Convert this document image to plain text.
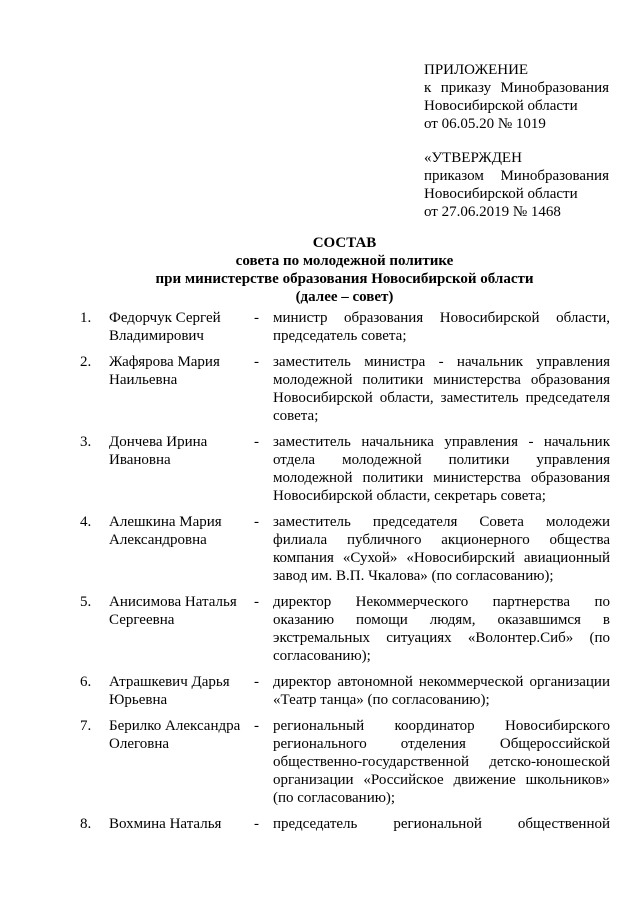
ПРИЛОЖЕНИЕ
к приказу Минобразования
Новосибирской области
от 06.05.20 № 1019
«УТВЕРЖДЕН
приказом Минобразования
Новосибирской области
от 27.06.2019 № 1468
СОСТАВ
совета по молодежной политике
при министерстве образования Новосибирской области
(далее – совет)
1.	Федорчук Сергей
Владимирович
- министр образования Новосибирской области,
председатель совета;
2.	Жафярова Мария
Наильевна
- заместитель министра - начальник управления
молодежной политики министерства образования
Новосибирской области, заместитель председателя
совета;
3.	Дончева Ирина
Ивановна
- заместитель начальника управления - начальник
отдела молодежной политики управления
молодежной политики министерства образования
Новосибирской области, секретарь совета;
4.	Алешкина Мария
Александровна
- заместитель председателя Совета молодежи
филиала публичного акционерного общества
компания «Сухой» «Новосибирский авиационный
завод им. В.П. Чкалова» (по согласованию);
5.	Анисимова Наталья
Сергеевна
- директор Некоммерческого партнерства по
оказанию помощи людям, оказавшимся в
экстремальных ситуациях «Волонтер.Сиб» (по
согласованию);
6.	Атрашкевич Дарья
Юрьевна
- директор автономной некоммерческой организации
«Театр танца» (по согласованию);
7.	Берилко Александра
Олеговна
- региональный координатор Новосибирского
регионального отделения Общероссийской
общественно-государственной детско-юношеской
организации «Российское движение школьников»
(по согласованию);
8.	Вохмина Наталья	- председатель региональной общественной
